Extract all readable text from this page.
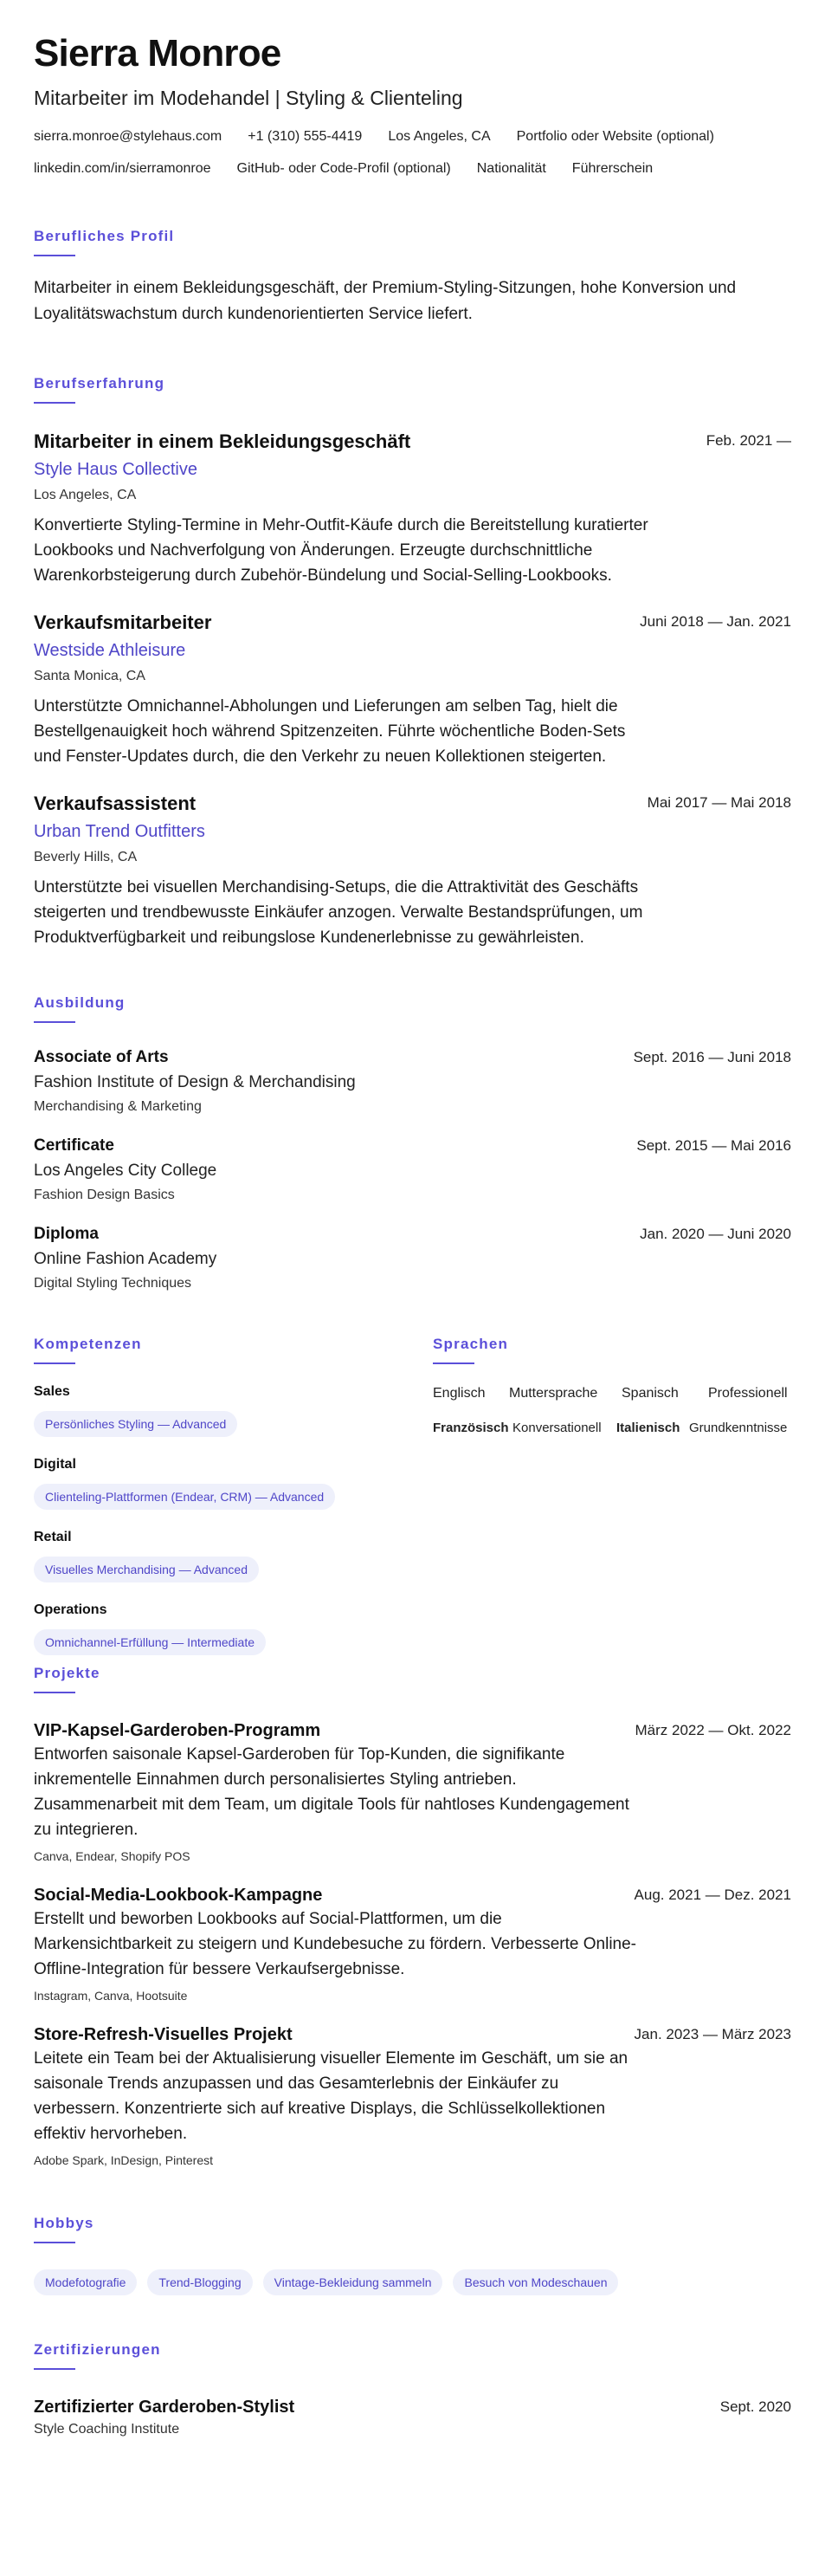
Sierra Monroe
Mitarbeiter im Modehandel | Styling & Clienteling
sierra.monroe@stylehaus.com +1 (310) 555-4419 Los Angeles, CA Portfolio oder Website (optional)
linkedin.com/in/sierramonroe GitHub- oder Code-Profil (optional) Nationalität Führerschein
Berufliches Profil
Mitarbeiter in einem Bekleidungsgeschäft, der Premium-Styling-Sitzungen, hohe Konversion und Loyalitätswachstum durch kundenorientierten Service liefert.
Berufserfahrung
Mitarbeiter in einem Bekleidungsgeschäft	Feb. 2021 —
Style Haus Collective
Los Angeles, CA
Konvertierte Styling-Termine in Mehr-Outfit-Käufe durch die Bereitstellung kuratierter Lookbooks und Nachverfolgung von Änderungen. Erzeugte durchschnittliche Warenkorbsteigerung durch Zubehör-Bündelung und Social-Selling-Lookbooks.
Verkaufsmitarbeiter	Juni 2018 — Jan. 2021
Westside Athleisure
Santa Monica, CA
Unterstützte Omnichannel-Abholungen und Lieferungen am selben Tag, hielt die Bestellgenauigkeit hoch während Spitzenzeiten. Führte wöchentliche Boden-Sets und Fenster-Updates durch, die den Verkehr zu neuen Kollektionen steigerten.
Verkaufsassistent	Mai 2017 — Mai 2018
Urban Trend Outfitters
Beverly Hills, CA
Unterstützte bei visuellen Merchandising-Setups, die die Attraktivität des Geschäfts steigerten und trendbewusste Einkäufer anzogen. Verwalte Bestandsprüfungen, um Produktverfügbarkeit und reibungslose Kundenerlebnisse zu gewährleisten.
Ausbildung
Associate of Arts	Sept. 2016 — Juni 2018
Fashion Institute of Design & Merchandising
Merchandising & Marketing
Certificate	Sept. 2015 — Mai 2016
Los Angeles City College
Fashion Design Basics
Diploma	Jan. 2020 — Juni 2020
Online Fashion Academy
Digital Styling Techniques
Kompetenzen
Sales
Persönliches Styling — Advanced
Digital
Clienteling-Plattformen (Endear, CRM) — Advanced
Retail
Visuelles Merchandising — Advanced
Operations
Omnichannel-Erfüllung — Intermediate
Sprachen
Englisch Muttersprache Spanisch Professionell
Französisch Konversationell Italienisch Grundkenntnisse
Projekte
VIP-Kapsel-Garderoben-Programm	März 2022 — Okt. 2022
Entworfen saisonale Kapsel-Garderoben für Top-Kunden, die signifikante inkrementelle Einnahmen durch personalisiertes Styling antrieben. Zusammenarbeit mit dem Team, um digitale Tools für nahtloses Kundengagement zu integrieren.
Canva, Endear, Shopify POS
Social-Media-Lookbook-Kampagne	Aug. 2021 — Dez. 2021
Erstellt und beworben Lookbooks auf Social-Plattformen, um die Markensichtbarkeit zu steigern und Kundebesuche zu fördern. Verbesserte Online-Offline-Integration für bessere Verkaufsergebnisse.
Instagram, Canva, Hootsuite
Store-Refresh-Visuelles Projekt	Jan. 2023 — März 2023
Leitete ein Team bei der Aktualisierung visueller Elemente im Geschäft, um sie an saisonale Trends anzupassen und das Gesamterlebnis der Einkäufer zu verbessern. Konzentrierte sich auf kreative Displays, die Schlüsselkollektionen effektiv hervorheben.
Adobe Spark, InDesign, Pinterest
Hobbys
Modefotografie	Trend-Blogging	Vintage-Bekleidung sammeln	Besuch von Modeschauen
Zertifizierungen
Zertifizierter Garderoben-Stylist	Sept. 2020
Style Coaching Institute
